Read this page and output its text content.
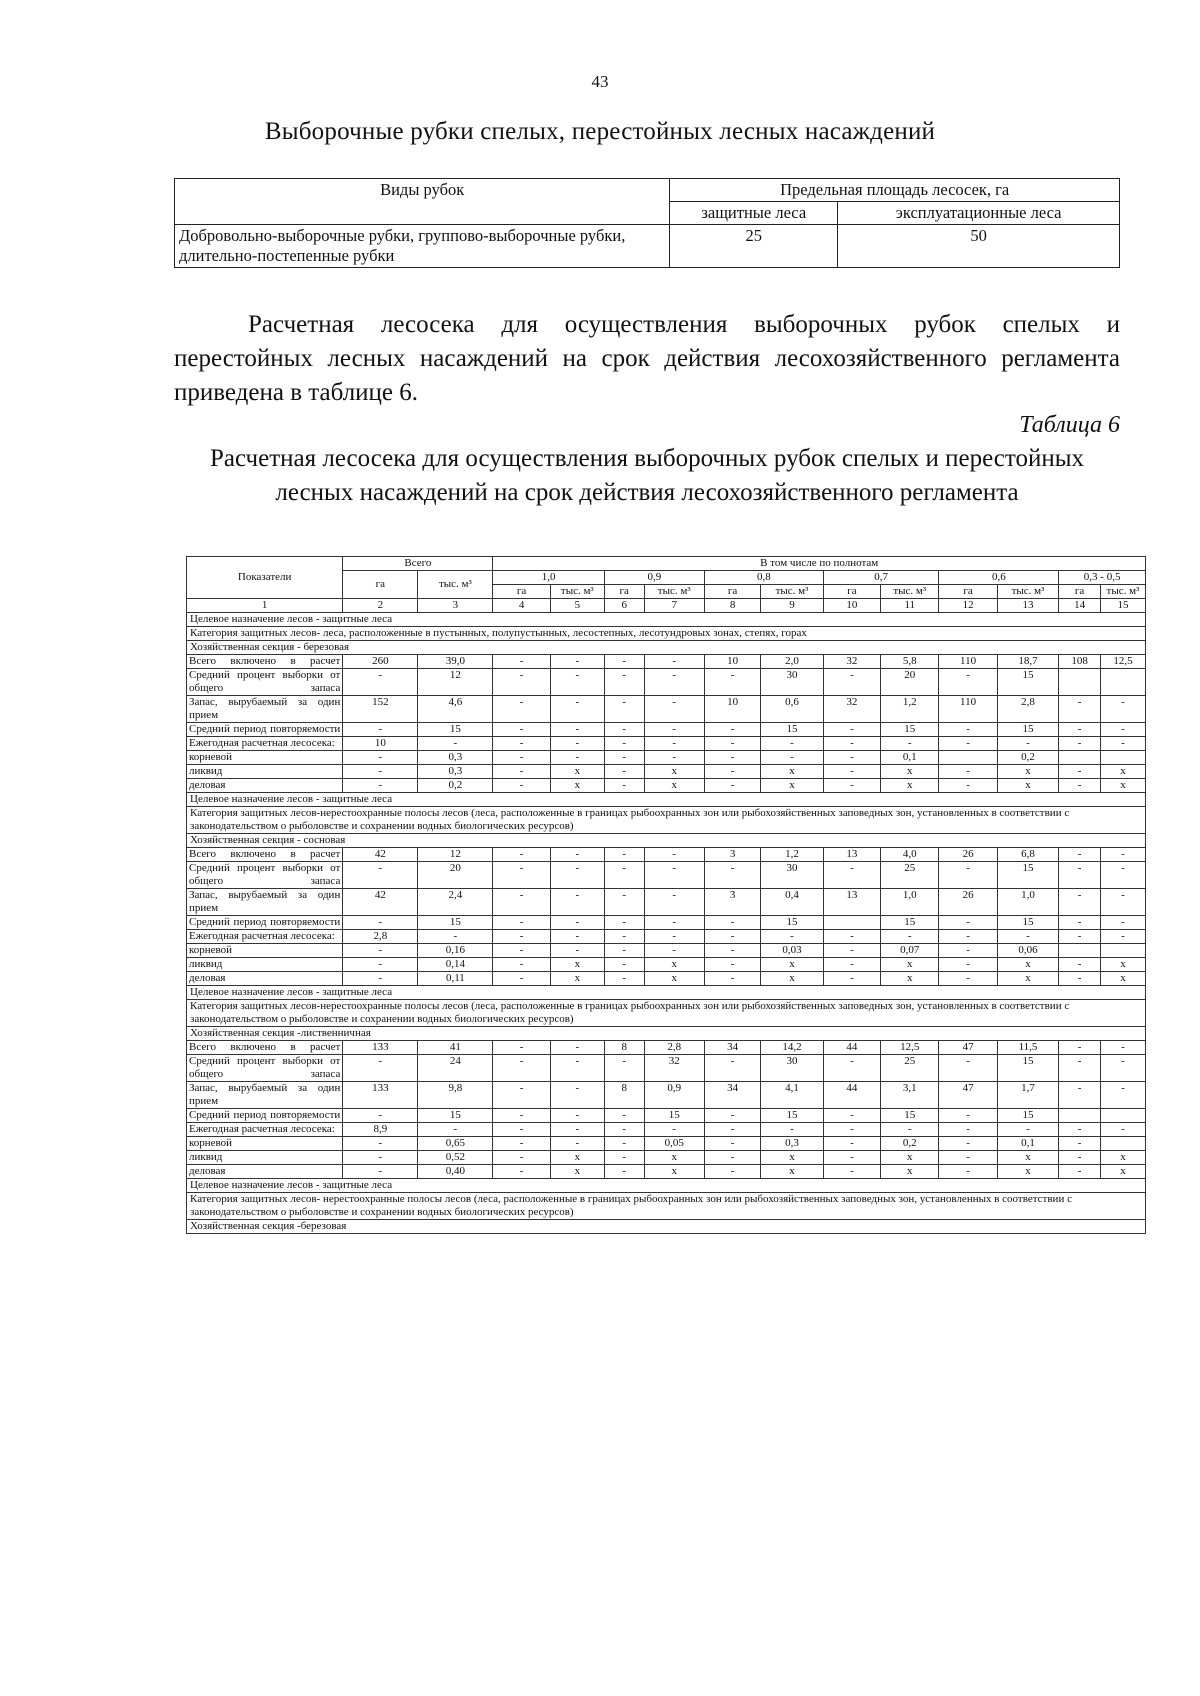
43
Выборочные рубки спелых, перестойных лесных насаждений
Виды рубок	Предельная площадь лесосек, га	
	защитные леса	эксплуатационные леса
Добровольно-выборочные рубки, группово-выборочные рубки, длительно-постепенные рубки	25	50
Расчетная лесосека для осуществления выборочных рубок спелых и перестойных лесных насаждений на срок действия лесохозяйственного регламента приведена в таблице 6.
Таблица 6
Расчетная лесосека для осуществления выборочных рубок спелых и перестойных лесных насаждений на срок действия лесохозяйственного регламента
Показатели	Всего		В том числе по полнотам											
	га	тыс. м³	1,0		0,9		0,8		0,7		0,6		0,3 - 0,5	
			га	тыс. м³	га	тыс. м³	га	тыс. м³	га	тыс. м³	га	тыс. м³	га	тыс. м³
1	2	3	4	5	6	7	8	9	10	11	12	13	14	15
Целевое назначение лесов - защитные леса														
Категория защитных лесов- леса, расположенные в пустынных, полупустынных, лесостепных, лесотундровых зонах, степях, горах														
Хозяйственная секция - березовая														
Всего включено в расчет	260	39,0	-	-	-	-	10	2,0	32	5,8	110	18,7	108	12,5
Средний процент выборки от общего запаса	-	12	-	-	-	-	-	30	-	20	-	15		
Запас, вырубаемый за один прием	152	4,6	-	-	-	-	10	0,6	32	1,2	110	2,8	-	-
Средний период повторяемости	-	15	-	-	-	-	-	15	-	15	-	15	-	-
Ежегодная расчетная лесосека:	10	-	-	-	-	-	-	-	-	-	-	-	-	-
корневой	-	0,3	-	-	-	-	-	-	-	0,1		0,2		
ликвид	-	0,3	-	х	-	х	-	х	-	х	-	х	-	х
деловая	-	0,2	-	х	-	х	-	х	-	х	-	х	-	х
Целевое назначение лесов - защитные леса														
Категория защитных лесов-нерестоохранные полосы лесов (леса, расположенные в границах рыбоохранных зон или рыбохозяйственных заповедных зон, установленных в соответствии с законодательством о рыболовстве и сохранении водных биологических ресурсов)														
Хозяйственная секция - сосновая														
Всего включено в расчет	42	12	-	-	-	-	3	1,2	13	4,0	26	6,8	-	-
Средний процент выборки от общего запаса	-	20	-	-	-	-	-	30	-	25	-	15	-	-
Запас, вырубаемый за один прием	42	2,4	-	-	-	-	3	0,4	13	1,0	26	1,0	-	-
Средний период повторяемости	-	15	-	-	-	-	-	15		15	-	15	-	-
Ежегодная расчетная лесосека:	2,8	-	-	-	-	-	-	-	-	-	-	-	-	-
корневой	-	0,16	-	-	-	-	-	0,03	-	0,07	-	0,06		
ликвид	-	0,14	-	х	-	х	-	х	-	х	-	х	-	х
деловая	-	0,11	-	х	-	х	-	х	-	х	-	х	-	х
Целевое назначение лесов - защитные леса														
Категория защитных лесов-нерестоохранные полосы лесов (леса, расположенные в границах рыбоохранных зон или рыбохозяйственных заповедных зон, установленных в соответствии с законодательством о рыболовстве и сохранении водных биологических ресурсов)														
Хозяйственная секция -лиственничная														
Всего включено в расчет	133	41	-	-	8	2,8	34	14,2	44	12,5	47	11,5	-	-
Средний процент выборки от общего запаса	-	24	-	-	-	32	-	30	-	25	-	15	-	-
Запас, вырубаемый за один прием	133	9,8	-	-	8	0,9	34	4,1	44	3,1	47	1,7	-	-
Средний период повторяемости	-	15	-	-	-	15	-	15	-	15	-	15		
Ежегодная расчетная лесосека:	8,9	-	-	-	-	-	-	-	-	-	-	-	-	-
корневой	-	0,65	-	-	-	0,05	-	0,3	-	0,2	-	0,1	-	
ликвид	-	0,52	-	х	-	х	-	х	-	х	-	х	-	х
деловая	-	0,40	-	х	-	х	-	х	-	х	-	х	-	х
Целевое назначение лесов - защитные леса														
Категория защитных лесов- нерестоохранные полосы лесов (леса, расположенные в границах рыбоохранных зон или рыбохозяйственных заповедных зон, установленных в соответствии с законодательством о рыболовстве и сохранении водных биологических ресурсов)														
Хозяйственная секция -березовая														
